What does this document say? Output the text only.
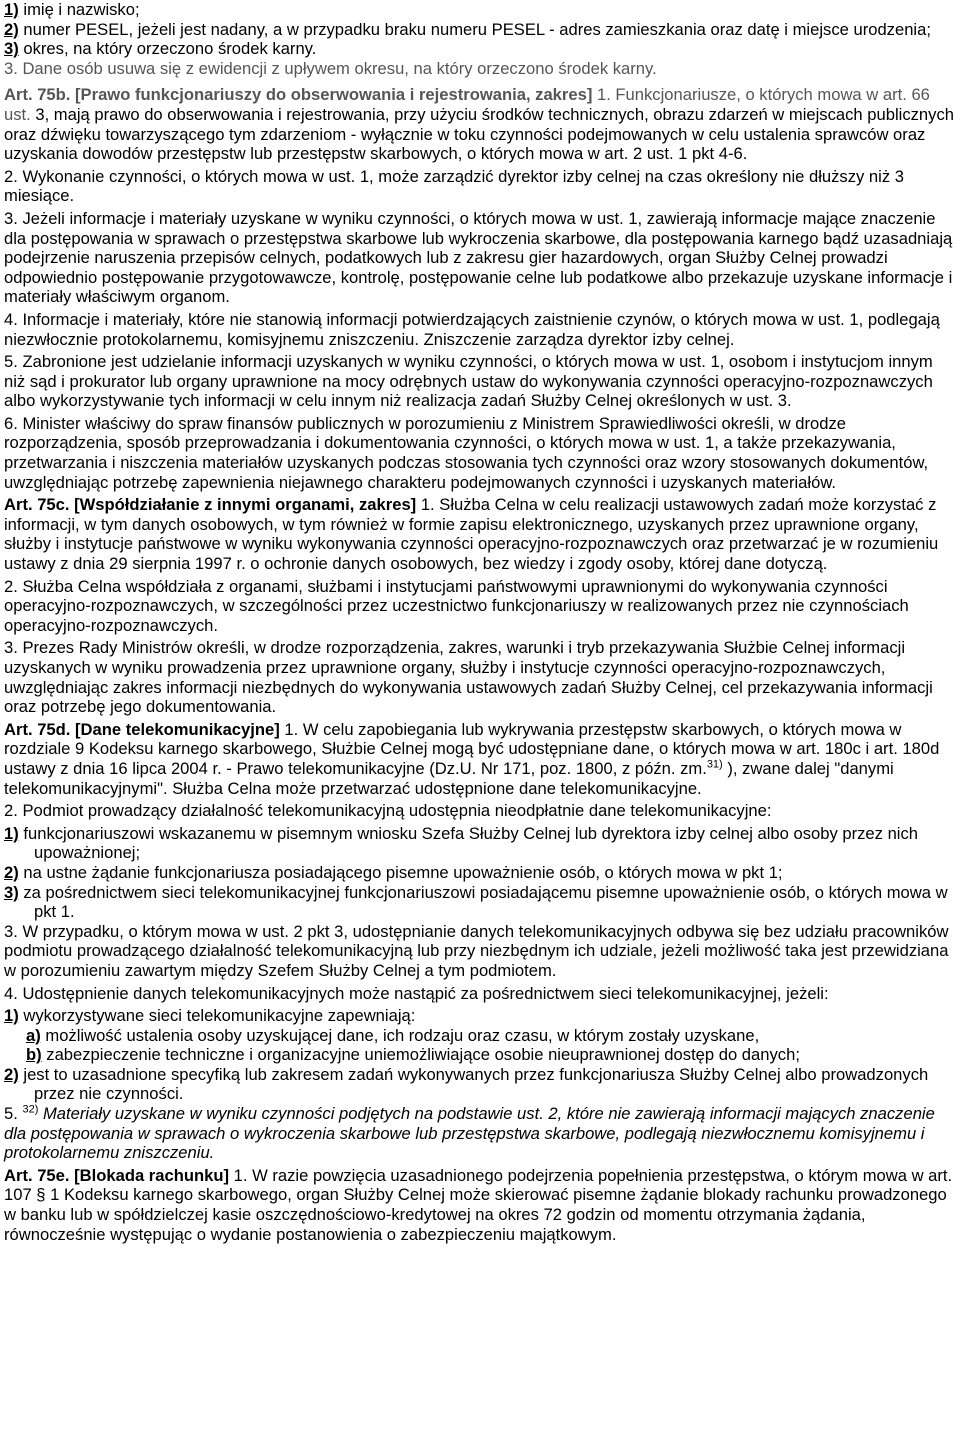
1) imię i nazwisko;

2) numer PESEL, jeżeli jest nadany, a w przypadku braku numeru PESEL - adres zamieszkania oraz datę i miejsce urodzenia;

3) okres, na który orzeczono środek karny.

3. Dane osób usuwa się z ewidencji z upływem okresu, na który orzeczono środek karny.

Art. 75b. [Prawo funkcjonariuszy do obserwowania i rejestrowania, zakres] 1. Funkcjonariusze, o których mowa w art. 66 ust. 3, mają prawo do obserwowania i rejestrowania, przy użyciu środków technicznych, obrazu zdarzeń w miejscach publicznych oraz dźwięku towarzyszącego tym zdarzeniom - wyłącznie w toku czynności podejmowanych w celu ustalenia sprawców oraz uzyskania dowodów przestępstw lub przestępstw skarbowych, o których mowa w art. 2 ust. 1 pkt 4-6.

2. Wykonanie czynności, o których mowa w ust. 1, może zarządzić dyrektor izby celnej na czas określony nie dłuższy niż 3 miesiące.

3. Jeżeli informacje i materiały uzyskane w wyniku czynności, o których mowa w ust. 1, zawierają informacje mające znaczenie dla postępowania w sprawach o przestępstwa skarbowe lub wykroczenia skarbowe, dla postępowania karnego bądź uzasadniają podejrzenie naruszenia przepisów celnych, podatkowych lub z zakresu gier hazardowych, organ Służby Celnej prowadzi odpowiednio postępowanie przygotowawcze, kontrolę, postępowanie celne lub podatkowe albo przekazuje uzyskane informacje i materiały właściwym organom.

4. Informacje i materiały, które nie stanowią informacji potwierdzających zaistnienie czynów, o których mowa w ust. 1, podlegają niezwłocznie protokolarnemu, komisyjnemu zniszczeniu. Zniszczenie zarządza dyrektor izby celnej.

5. Zabronione jest udzielanie informacji uzyskanych w wyniku czynności, o których mowa w ust. 1, osobom i instytucjom innym niż sąd i prokurator lub organy uprawnione na mocy odrębnych ustaw do wykonywania czynności operacyjno-rozpoznawczych albo wykorzystywanie tych informacji w celu innym niż realizacja zadań Służby Celnej określonych w ust. 3.

6. Minister właściwy do spraw finansów publicznych w porozumieniu z Ministrem Sprawiedliwości określi, w drodze rozporządzenia, sposób przeprowadzania i dokumentowania czynności, o których mowa w ust. 1, a także przekazywania, przetwarzania i niszczenia materiałów uzyskanych podczas stosowania tych czynności oraz wzory stosowanych dokumentów, uwzględniając potrzebę zapewnienia niejawnego charakteru podejmowanych czynności i uzyskanych materiałów.

Art. 75c. [Współdziałanie z innymi organami, zakres] 1. Służba Celna w celu realizacji ustawowych zadań może korzystać z informacji, w tym danych osobowych, w tym również w formie zapisu elektronicznego, uzyskanych przez uprawnione organy, służby i instytucje państwowe w wyniku wykonywania czynności operacyjno-rozpoznawczych oraz przetwarzać je w rozumieniu ustawy z dnia 29 sierpnia 1997 r. o ochronie danych osobowych, bez wiedzy i zgody osoby, której dane dotyczą.

2. Służba Celna współdziała z organami, służbami i instytucjami państwowymi uprawnionymi do wykonywania czynności operacyjno-rozpoznawczych, w szczególności przez uczestnictwo funkcjonariuszy w realizowanych przez nie czynnościach operacyjno-rozpoznawczych.

3. Prezes Rady Ministrów określi, w drodze rozporządzenia, zakres, warunki i tryb przekazywania Służbie Celnej informacji uzyskanych w wyniku prowadzenia przez uprawnione organy, służby i instytucje czynności operacyjno-rozpoznawczych, uwzględniając zakres informacji niezbędnych do wykonywania ustawowych zadań Służby Celnej, cel przekazywania informacji oraz potrzebę jego dokumentowania.

Art. 75d. [Dane telekomunikacyjne] 1. W celu zapobiegania lub wykrywania przestępstw skarbowych, o których mowa w rozdziale 9 Kodeksu karnego skarbowego, Służbie Celnej mogą być udostępniane dane, o których mowa w art. 180c i art. 180d ustawy z dnia 16 lipca 2004 r. - Prawo telekomunikacyjne (Dz.U. Nr 171, poz. 1800, z późn. zm.$^{31)}$ ), zwane dalej "danymi telekomunikacyjnymi". Służba Celna może przetwarzać udostępnione dane telekomunikacyjne.

2. Podmiot prowadzący działalność telekomunikacyjną udostępnia nieodpłatnie dane telekomunikacyjne:

1) funkcjonariuszowi wskazanemu w pisemnym wniosku Szefa Służby Celnej lub dyrektora izby celnej albo osoby przez nich upoważnionej;

2) na ustne żądanie funkcjonariusza posiadającego pisemne upoważnienie osób, o których mowa w pkt 1;

3) za pośrednictwem sieci telekomunikacyjnej funkcjonariuszowi posiadającemu pisemne upoważnienie osób, o których mowa w pkt 1.

3. W przypadku, o którym mowa w ust. 2 pkt 3, udostępnianie danych telekomunikacyjnych odbywa się bez udziału pracowników podmiotu prowadzącego działalność telekomunikacyjną lub przy niezbędnym ich udziale, jeżeli możliwość taka jest przewidziana w porozumieniu zawartym między Szefem Służby Celnej a tym podmiotem.

4. Udostępnienie danych telekomunikacyjnych może nastąpić za pośrednictwem sieci telekomunikacyjnej, jeżeli:

1) wykorzystywane sieci telekomunikacyjne zapewniają:

a) możliwość ustalenia osoby uzyskującej dane, ich rodzaju oraz czasu, w którym zostały uzyskane,

b) zabezpieczenie techniczne i organizacyjne uniemożliwiające osobie nieuprawnionej dostęp do danych;

2) jest to uzasadnione specyfiką lub zakresem zadań wykonywanych przez funkcjonariusza Służby Celnej albo prowadzonych przez nie czynności.

5. $^{32)}$ Materiały uzyskane w wyniku czynności podjętych na podstawie ust. 2, które nie zawierają informacji mających znaczenie dla postępowania w sprawach o wykroczenia skarbowe lub przestępstwa skarbowe, podlegają niezwłocznemu komisyjnemu i protokolarnemu zniszczeniu.

Art. 75e. [Blokada rachunku] 1. W razie powzięcia uzasadnionego podejrzenia popełnienia przestępstwa, o którym mowa w art. 107 § 1 Kodeksu karnego skarbowego, organ Służby Celnej może skierować pisemne żądanie blokady rachunku prowadzonego w banku lub w spółdzielczej kasie oszczędnościowo-kredytowej na okres 72 godzin od momentu otrzymania żądania, równocześnie występując o wydanie postanowienia o zabezpieczeniu majątkowym.
